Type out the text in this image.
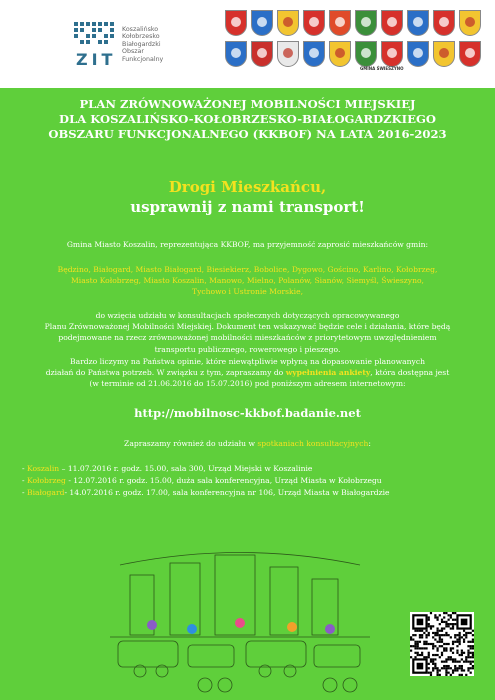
ZIT
Koszalińsko
Kołobrzesko
Białogardzki
Obszar
Funkcjonalny
GMINA ŚWIESZYNO
PLAN ZRÓWNOWAŻONEJ MOBILNOŚCI MIEJSKIEJ
DLA KOSZALIŃSKO-KOŁOBRZESKO-BIAŁOGARDZKIEGO
OBSZARU FUNKCJONALNEGO (KKBOF) NA LATA 2016-2023
Drogi Mieszkańcu,
usprawnij z nami transport!
Gmina Miasto Koszalin, reprezentująca KKBOF, ma przyjemność zaprosić mieszkańców gmin:
Będzino, Białogard, Miasto Białogard, Biesiekierz, Bobolice, Dygowo, Gościno, Karlino, Kołobrzeg,
Miasto Kołobrzeg, Miasto Koszalin, Manowo, Mielno, Polanów, Sianów, Siemyśl, Świeszyno,
Tychowo i Ustronie Morskie,
do wzięcia udziału w konsultacjach społecznych dotyczących opracowywanego
Planu Zrównoważonej Mobilności Miejskiej. Dokument ten wskazywać będzie cele i działania, które będą
podejmowane na rzecz zrównoważonej mobilności mieszkańców z priorytetowym uwzględnieniem
transportu publicznego, rowerowego i pieszego.
Bardzo liczymy na Państwa opinie, które niewątpliwie wpłyną na dopasowanie planowanych
działań do Państwa potrzeb. W związku z tym, zapraszamy do wypełnienia ankiety, która dostępna jest
(w terminie od 21.06.2016 do 15.07.2016) pod poniższym adresem internetowym:
http://mobilnosc-kkbof.badanie.net
Zapraszamy również do udziału w spotkaniach konsultacyjnych:
- Koszalin – 11.07.2016 r. godz. 15.00, sala 300, Urząd Miejski w Koszalinie
- Kołobrzeg - 12.07.2016 r. godz. 15.00, duża sala konferencyjna, Urząd Miasta w Kołobrzegu
- Białogard- 14.07.2016 r. godz. 17.00, sala konferencyjna nr 106, Urząd Miasta w Białogardzie
